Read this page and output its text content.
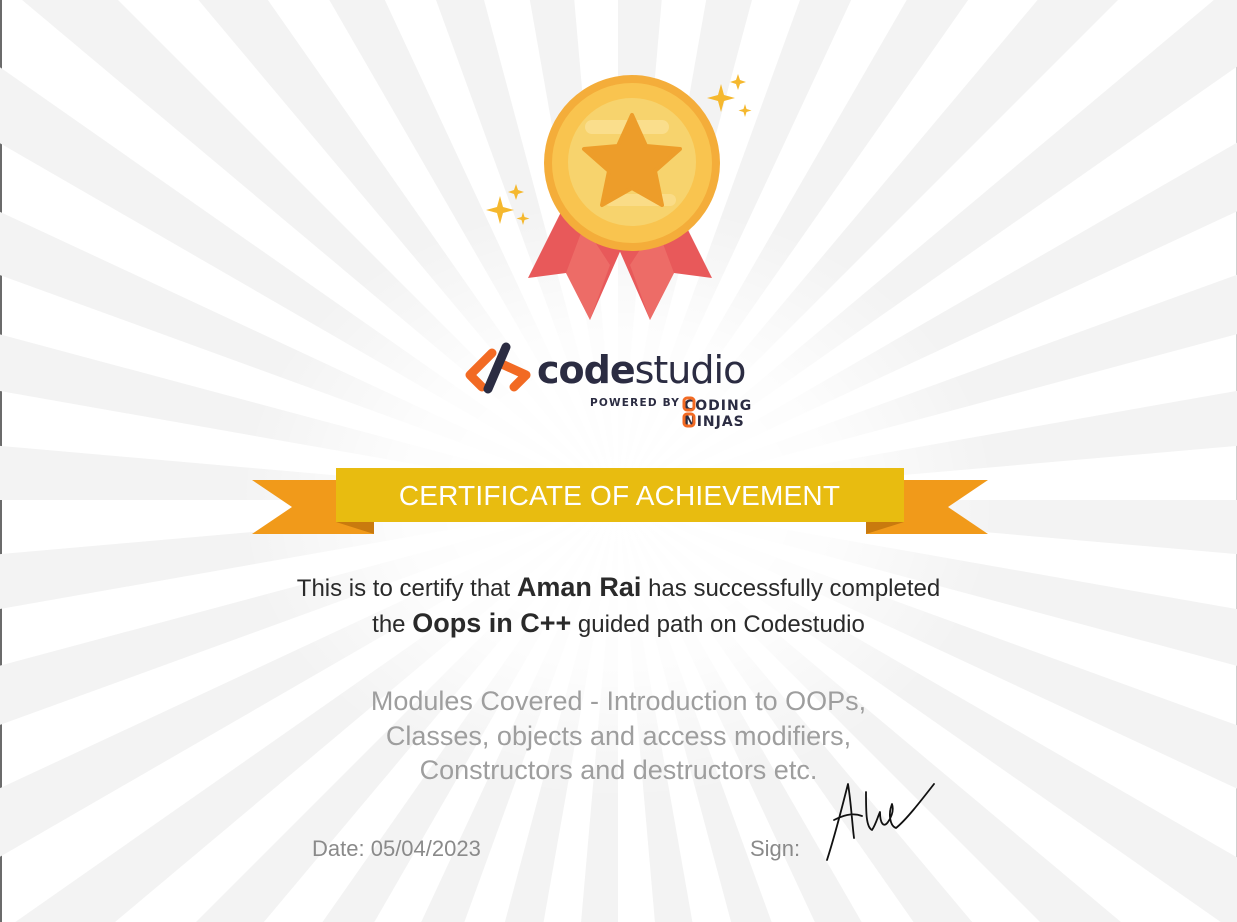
codestudio
POWERED BY CODING
NINJAS
CERTIFICATE OF ACHIEVEMENT
This is to certify that Aman Rai has successfully completed
the Oops in C++ guided path on Codestudio
Modules Covered - Introduction to OOPs,
Classes, objects and access modifiers,
Constructors and destructors etc.
Date: 05/04/2023	Sign:
